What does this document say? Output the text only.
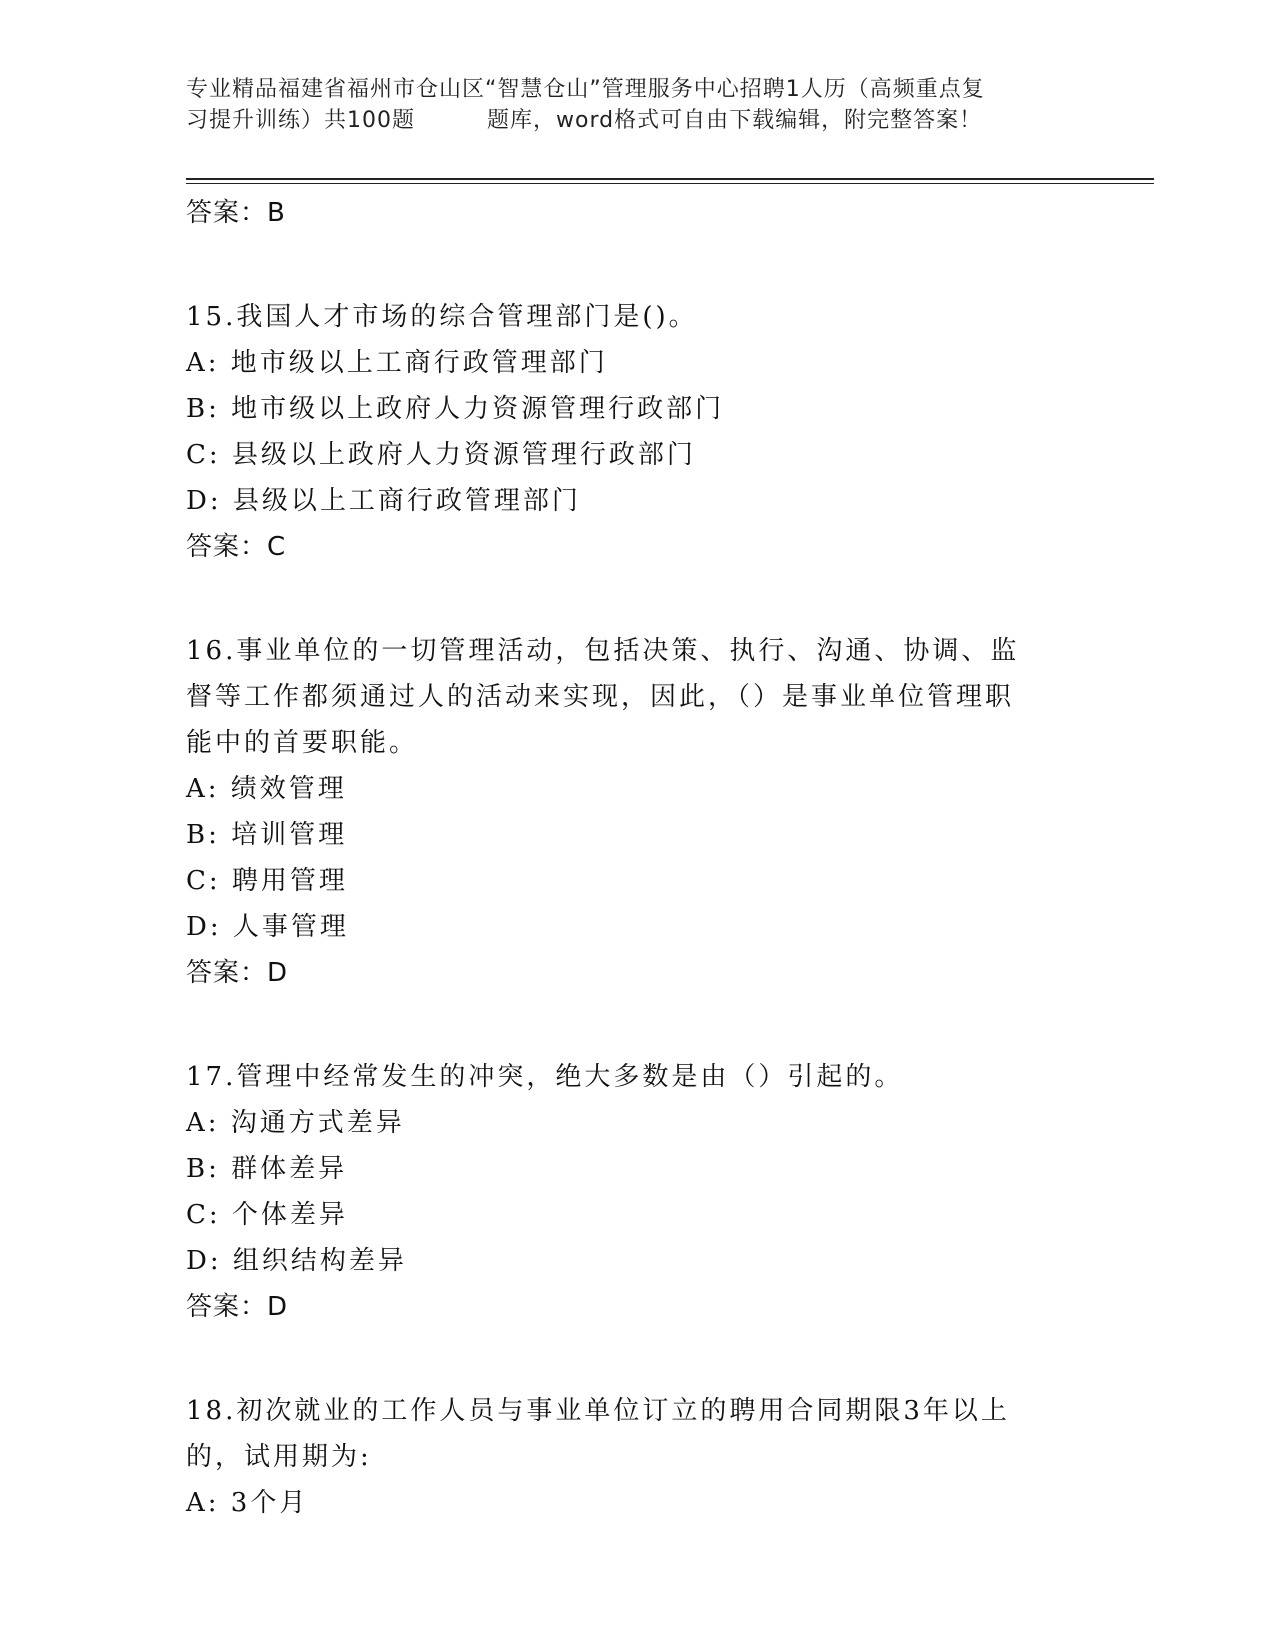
专业精品福建省福州市仓山区“智慧仓山”管理服务中心招聘1人历（高频重点复
习提升训练）共100题	题库，word格式可自由下载编辑，附完整答案！
答案：B
15.我国人才市场的综合管理部门是()。
A: 地市级以上工商行政管理部门
B: 地市级以上政府人力资源管理行政部门
C: 县级以上政府人力资源管理行政部门
D: 县级以上工商行政管理部门
答案：C
16.事业单位的一切管理活动，包括决策、执行、沟通、协调、监督等工作都须通过人的活动来实现，因此，（）是事业单位管理职能中的首要职能。
A: 绩效管理
B: 培训管理
C: 聘用管理
D: 人事管理
答案：D
17.管理中经常发生的冲突，绝大多数是由（）引起的。
A: 沟通方式差异
B: 群体差异
C: 个体差异
D: 组织结构差异
答案：D
18.初次就业的工作人员与事业单位订立的聘用合同期限3年以上的，试用期为:
A: 3个月
